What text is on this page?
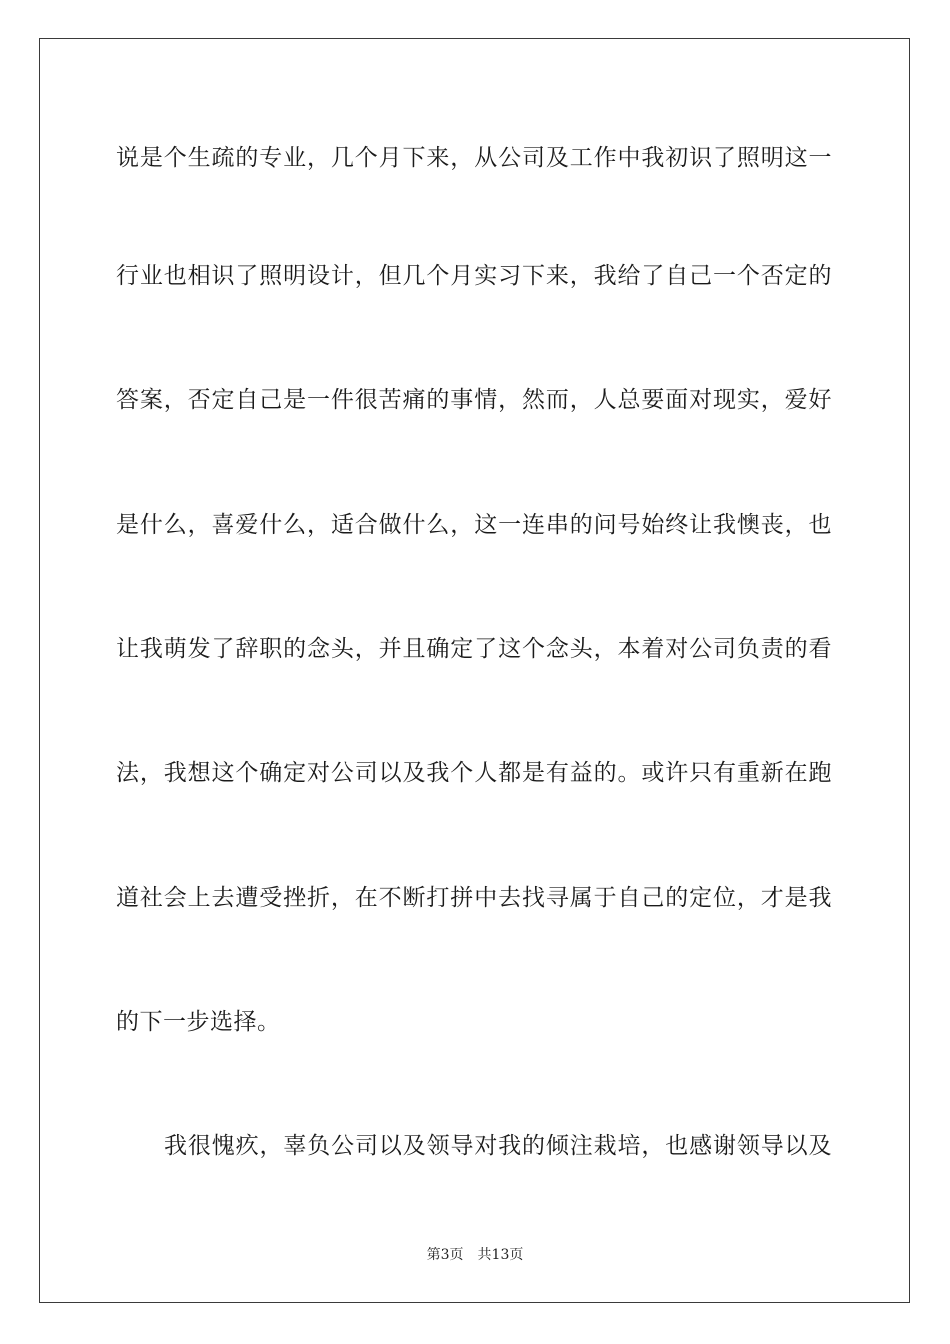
说是个生疏的专业，几个月下来，从公司及工作中我初识了照明这一
行业也相识了照明设计，但几个月实习下来，我给了自己一个否定的
答案，否定自己是一件很苦痛的事情，然而，人总要面对现实，爱好
是什么，喜爱什么，适合做什么，这一连串的问号始终让我懊丧，也
让我萌发了辞职的念头，并且确定了这个念头，本着对公司负责的看
法，我想这个确定对公司以及我个人都是有益的。或许只有重新在跑
道社会上去遭受挫折，在不断打拼中去找寻属于自己的定位，才是我
的下一步选择。
我很愧疚，辜负公司以及领导对我的倾注栽培，也感谢领导以及
第3页 共13页
